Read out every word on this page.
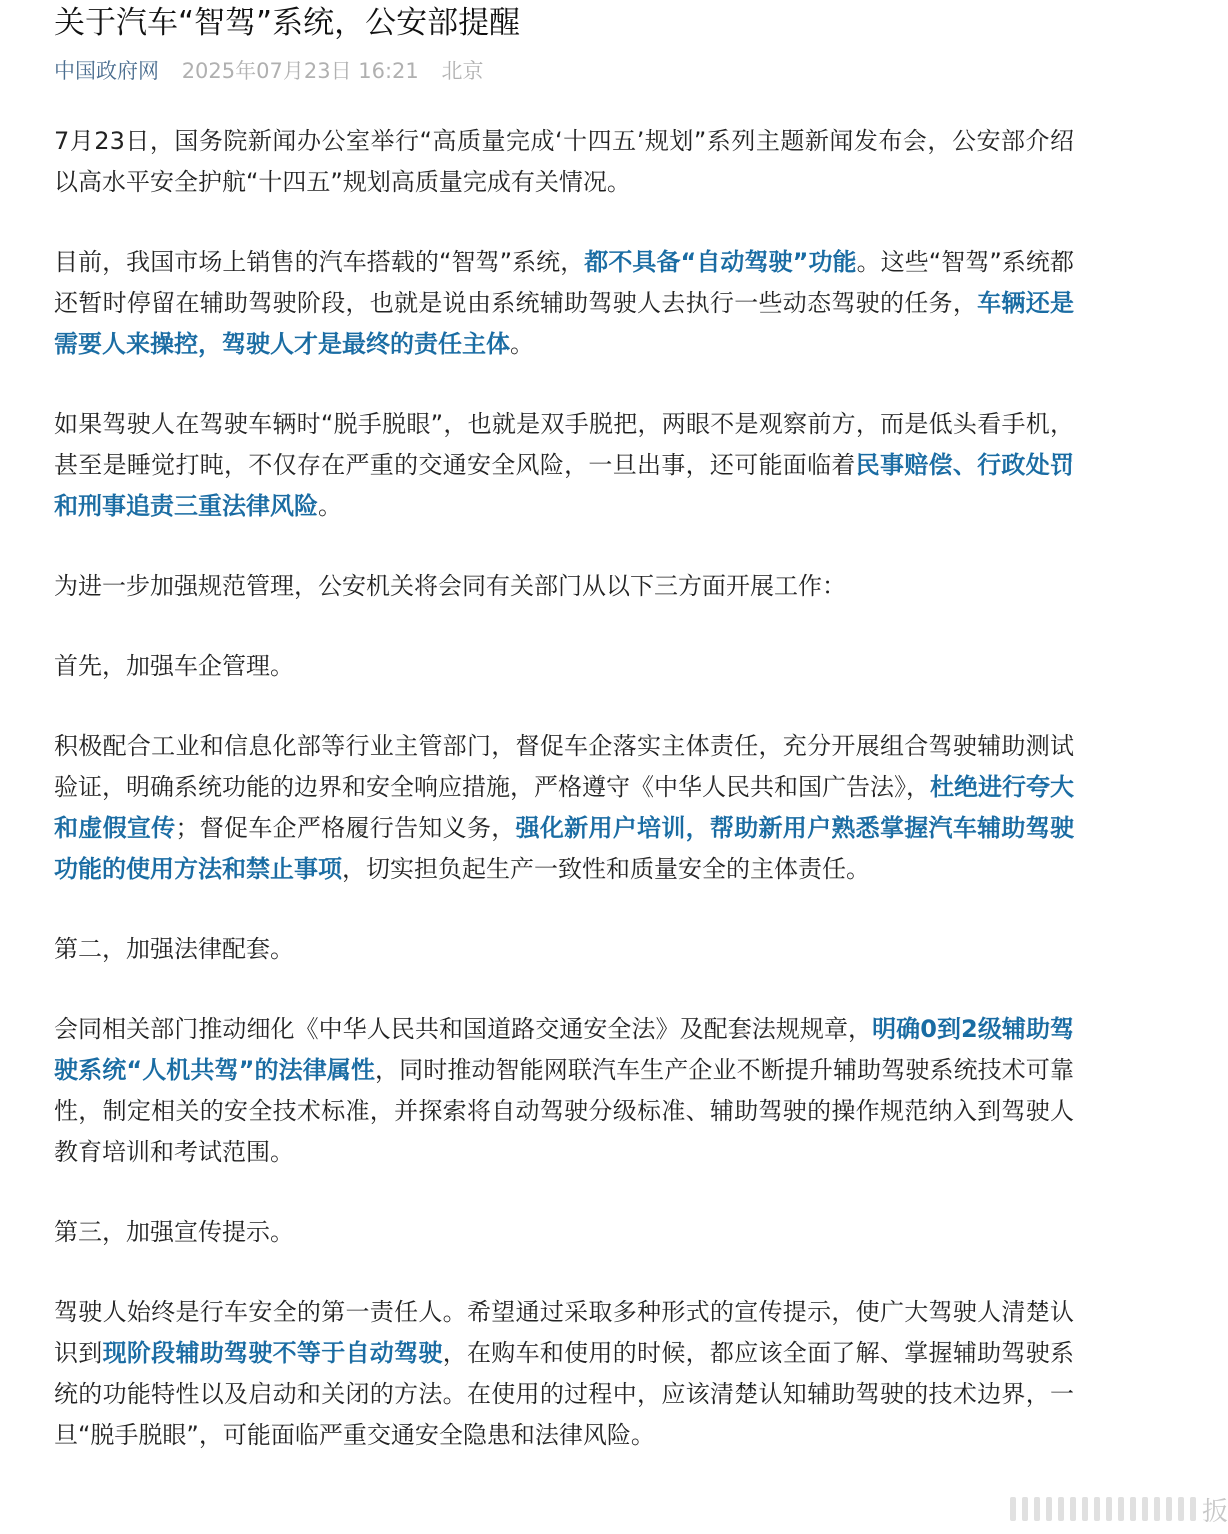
关于汽车“智驾”系统，公安部提醒
中国政府网 2025年07月23日 16:21 北京

7月23日，国务院新闻办公室举行“高质量完成‘十四五’规划”系列主题新闻发布会，公安部介绍以高水平安全护航“十四五”规划高质量完成有关情况。

目前，我国市场上销售的汽车搭载的“智驾”系统，都不具备“自动驾驶”功能。这些“智驾”系统都还暂时停留在辅助驾驶阶段，也就是说由系统辅助驾驶人去执行一些动态驾驶的任务，车辆还是需要人来操控，驾驶人才是最终的责任主体。

如果驾驶人在驾驶车辆时“脱手脱眼”，也就是双手脱把，两眼不是观察前方，而是低头看手机，甚至是睡觉打盹，不仅存在严重的交通安全风险，一旦出事，还可能面临着民事赔偿、行政处罚和刑事追责三重法律风险。

为进一步加强规范管理，公安机关将会同有关部门从以下三方面开展工作：

首先，加强车企管理。

积极配合工业和信息化部等行业主管部门，督促车企落实主体责任，充分开展组合驾驶辅助测试验证，明确系统功能的边界和安全响应措施，严格遵守《中华人民共和国广告法》，杜绝进行夸大和虚假宣传；督促车企严格履行告知义务，强化新用户培训，帮助新用户熟悉掌握汽车辅助驾驶功能的使用方法和禁止事项，切实担负起生产一致性和质量安全的主体责任。

第二，加强法律配套。

会同相关部门推动细化《中华人民共和国道路交通安全法》及配套法规规章，明确0到2级辅助驾驶系统“人机共驾”的法律属性，同时推动智能网联汽车生产企业不断提升辅助驾驶系统技术可靠性，制定相关的安全技术标准，并探索将自动驾驶分级标准、辅助驾驶的操作规范纳入到驾驶人教育培训和考试范围。

第三，加强宣传提示。

驾驶人始终是行车安全的第一责任人。希望通过采取多种形式的宣传提示，使广大驾驶人清楚认识到现阶段辅助驾驶不等于自动驾驶，在购车和使用的时候，都应该全面了解、掌握辅助驾驶系统的功能特性以及启动和关闭的方法。在使用的过程中，应该清楚认知辅助驾驶的技术边界，一旦“脱手脱眼”，可能面临严重交通安全隐患和法律风险。

扳
